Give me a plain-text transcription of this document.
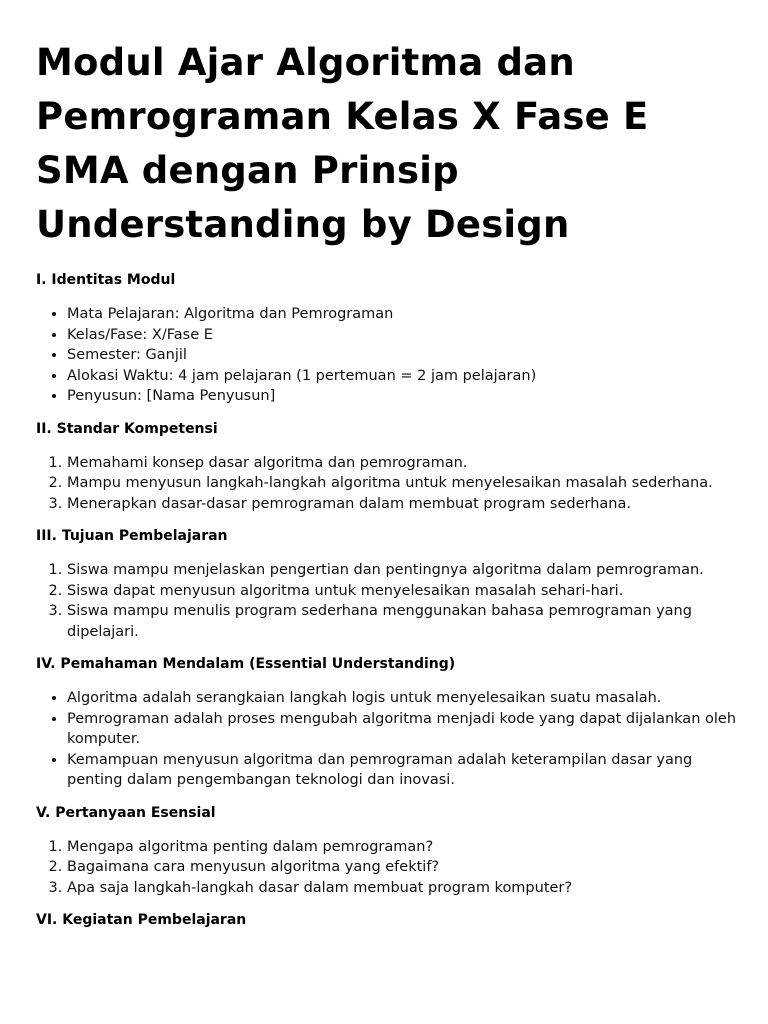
Modul Ajar Algoritma dan Pemrograman Kelas X Fase E SMA dengan Prinsip Understanding by Design
I. Identitas Modul
• Mata Pelajaran: Algoritma dan Pemrograman
• Kelas/Fase: X/Fase E
• Semester: Ganjil
• Alokasi Waktu: 4 jam pelajaran (1 pertemuan = 2 jam pelajaran)
• Penyusun: [Nama Penyusun]
II. Standar Kompetensi
1. Memahami konsep dasar algoritma dan pemrograman.
2. Mampu menyusun langkah-langkah algoritma untuk menyelesaikan masalah sederhana.
3. Menerapkan dasar-dasar pemrograman dalam membuat program sederhana.
III. Tujuan Pembelajaran
1. Siswa mampu menjelaskan pengertian dan pentingnya algoritma dalam pemrograman.
2. Siswa dapat menyusun algoritma untuk menyelesaikan masalah sehari-hari.
3. Siswa mampu menulis program sederhana menggunakan bahasa pemrograman yang dipelajari.
IV. Pemahaman Mendalam (Essential Understanding)
• Algoritma adalah serangkaian langkah logis untuk menyelesaikan suatu masalah.
• Pemrograman adalah proses mengubah algoritma menjadi kode yang dapat dijalankan oleh komputer.
• Kemampuan menyusun algoritma dan pemrograman adalah keterampilan dasar yang penting dalam pengembangan teknologi dan inovasi.
V. Pertanyaan Esensial
1. Mengapa algoritma penting dalam pemrograman?
2. Bagaimana cara menyusun algoritma yang efektif?
3. Apa saja langkah-langkah dasar dalam membuat program komputer?
VI. Kegiatan Pembelajaran
